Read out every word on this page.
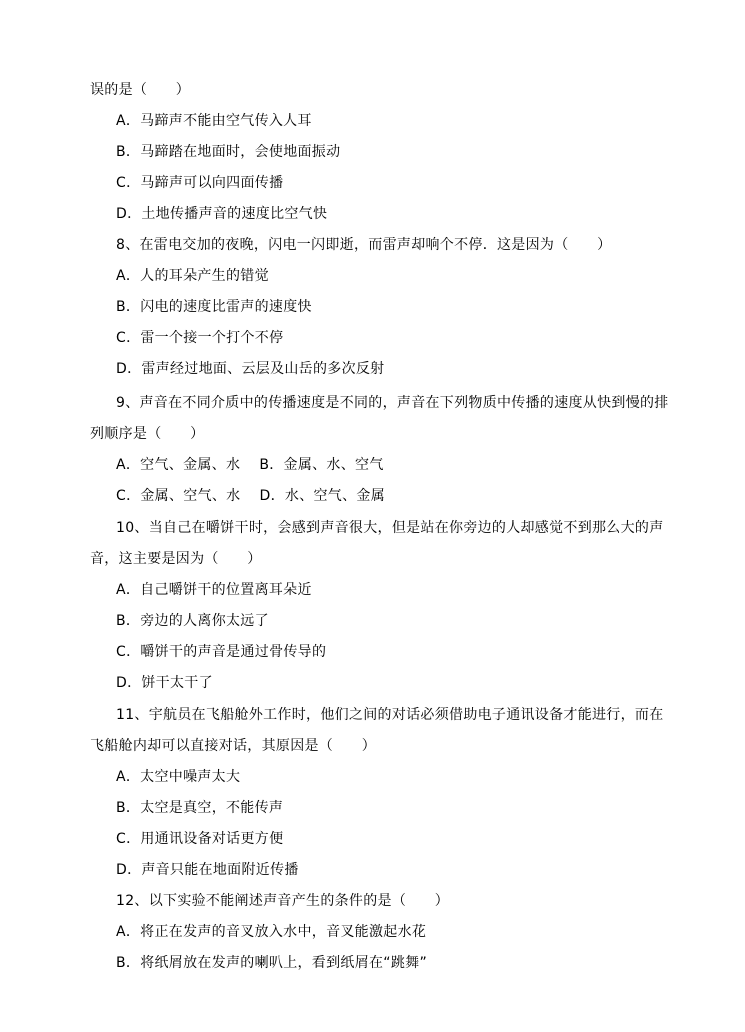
误的是（　　）
A．马蹄声不能由空气传入人耳
B．马蹄踏在地面时，会使地面振动
C．马蹄声可以向四面传播
D．土地传播声音的速度比空气快
8、在雷电交加的夜晚，闪电一闪即逝，而雷声却响个不停．这是因为（　　）
A．人的耳朵产生的错觉
B．闪电的速度比雷声的速度快
C．雷一个接一个打个不停
D．雷声经过地面、云层及山岳的多次反射
9、声音在不同介质中的传播速度是不同的，声音在下列物质中传播的速度从快到慢的排
列顺序是（　　）
A．空气、金属、水　 B．金属、水、空气
C．金属、空气、水　 D．水、空气、金属
10、当自己在嚼饼干时，会感到声音很大，但是站在你旁边的人却感觉不到那么大的声
音，这主要是因为（　　）
A．自己嚼饼干的位置离耳朵近
B．旁边的人离你太远了
C．嚼饼干的声音是通过骨传导的
D．饼干太干了
11、宇航员在飞船舱外工作时，他们之间的对话必须借助电子通讯设备才能进行，而在
飞船舱内却可以直接对话，其原因是（　　）
A．太空中噪声太大
B．太空是真空，不能传声
C．用通讯设备对话更方便
D．声音只能在地面附近传播
12、以下实验不能阐述声音产生的条件的是（　　）
A．将正在发声的音叉放入水中，音叉能激起水花
B．将纸屑放在发声的喇叭上，看到纸屑在“跳舞”
